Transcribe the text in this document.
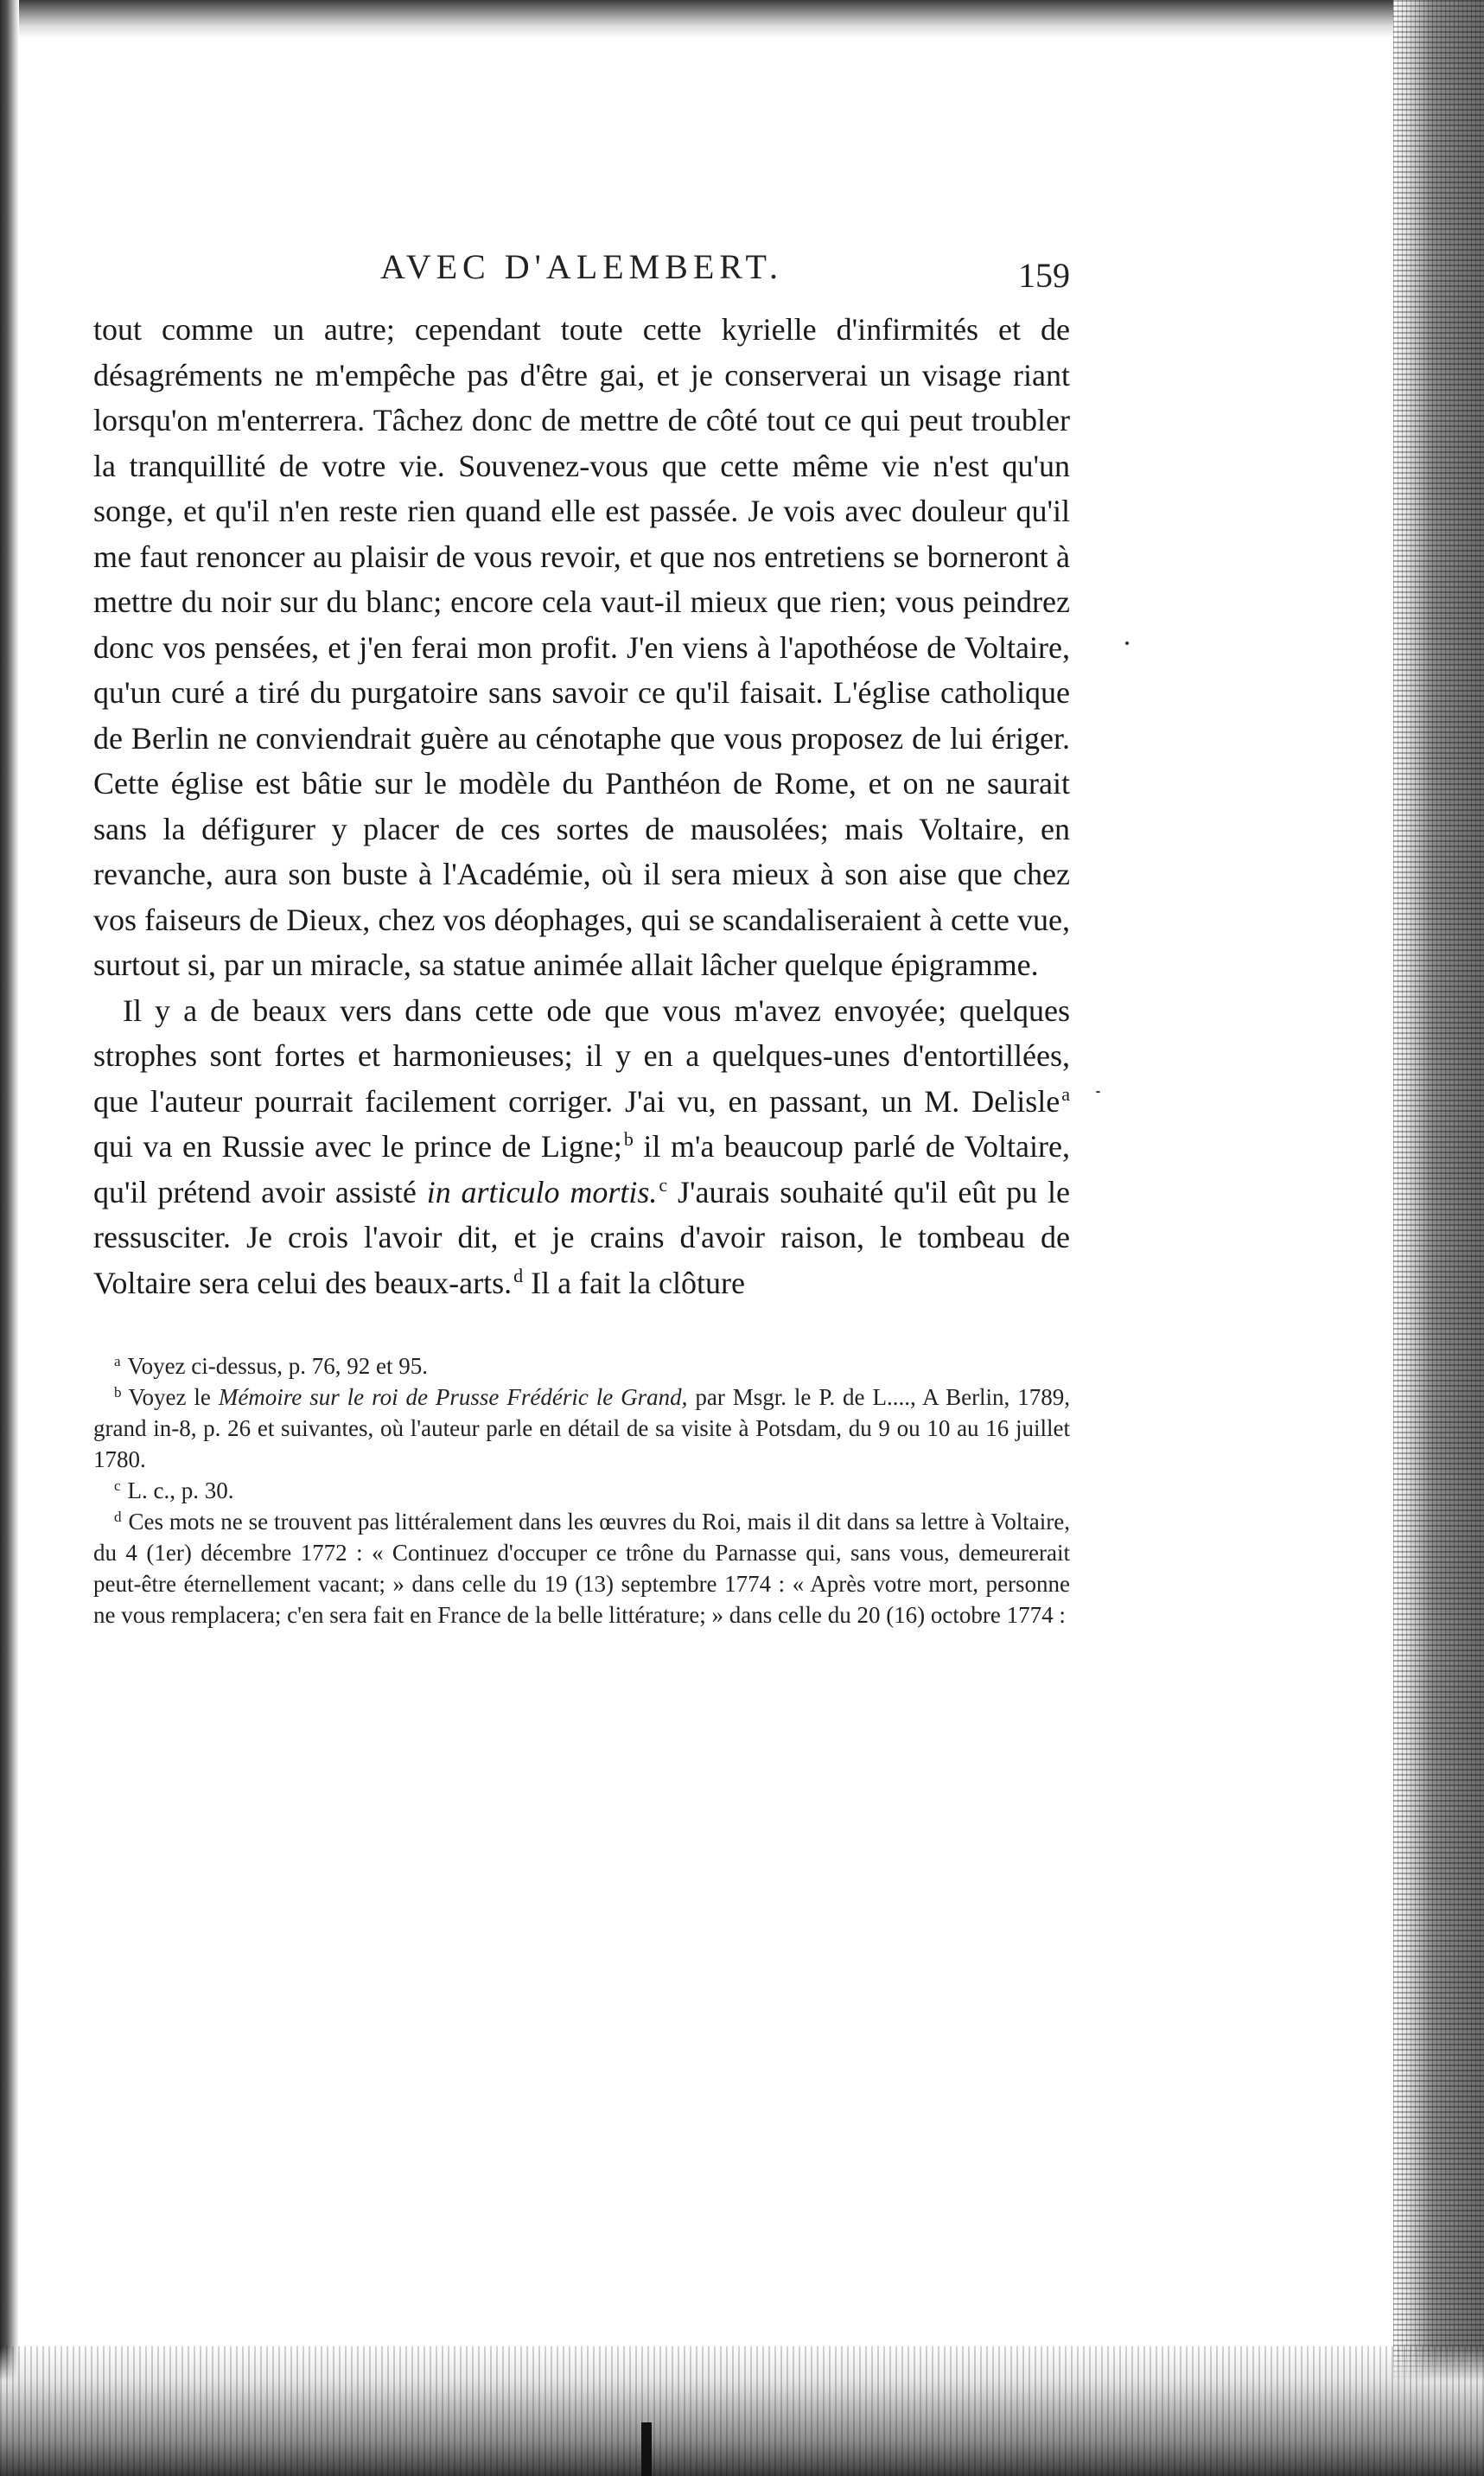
AVEC D'ALEMBERT.	159

tout comme un autre; cependant toute cette kyrielle d'infirmités et de désagréments ne m'empêche pas d'être gai, et je conserverai un visage riant lorsqu'on m'enterrera. Tâchez donc de mettre de côté tout ce qui peut troubler la tranquillité de votre vie. Souvenez-vous que cette même vie n'est qu'un songe, et qu'il n'en reste rien quand elle est passée. Je vois avec douleur qu'il me faut renoncer au plaisir de vous revoir, et que nos entretiens se borneront à mettre du noir sur du blanc; encore cela vaut-il mieux que rien; vous peindrez donc vos pensées, et j'en ferai mon profit. J'en viens à l'apothéose de Voltaire, qu'un curé a tiré du purgatoire sans savoir ce qu'il faisait. L'église catholique de Berlin ne conviendrait guère au cénotaphe que vous proposez de lui ériger. Cette église est bâtie sur le modèle du Panthéon de Rome, et on ne saurait sans la défigurer y placer de ces sortes de mausolées; mais Voltaire, en revanche, aura son buste à l'Académie, où il sera mieux à son aise que chez vos faiseurs de Dieux, chez vos déophages, qui se scandaliseraient à cette vue, surtout si, par un miracle, sa statue animée allait lâcher quelque épigramme.

Il y a de beaux vers dans cette ode que vous m'avez envoyée; quelques strophes sont fortes et harmonieuses; il y en a quelques-unes d'entortillées, que l'auteur pourrait facilement corriger. J'ai vu, en passant, un M. Delisle$^a$ qui va en Russie avec le prince de Ligne;$^b$ il m'a beaucoup parlé de Voltaire, qu'il prétend avoir assisté in articulo mortis.$^c$ J'aurais souhaité qu'il eût pu le ressusciter. Je crois l'avoir dit, et je crains d'avoir raison, le tombeau de Voltaire sera celui des beaux-arts.$^d$ Il a fait la clôture

$^a$ Voyez ci-dessus, p. 76, 92 et 95.

$^b$ Voyez le Mémoire sur le roi de Prusse Frédéric le Grand, par Msgr. le P. de L...., A Berlin, 1789, grand in-8, p. 26 et suivantes, où l'auteur parle en détail de sa visite à Potsdam, du 9 ou 10 au 16 juillet 1780.

$^c$ L. c., p. 30.

$^d$ Ces mots ne se trouvent pas littéralement dans les œuvres du Roi, mais il dit dans sa lettre à Voltaire, du 4 (1er) décembre 1772 : « Continuez d'occuper ce trône du Parnasse qui, sans vous, demeurerait peut-être éternellement vacant; » dans celle du 19 (13) septembre 1774 : « Après votre mort, personne ne vous remplacera; c'en sera fait en France de la belle littérature; » dans celle du 20 (16) octobre 1774 :
